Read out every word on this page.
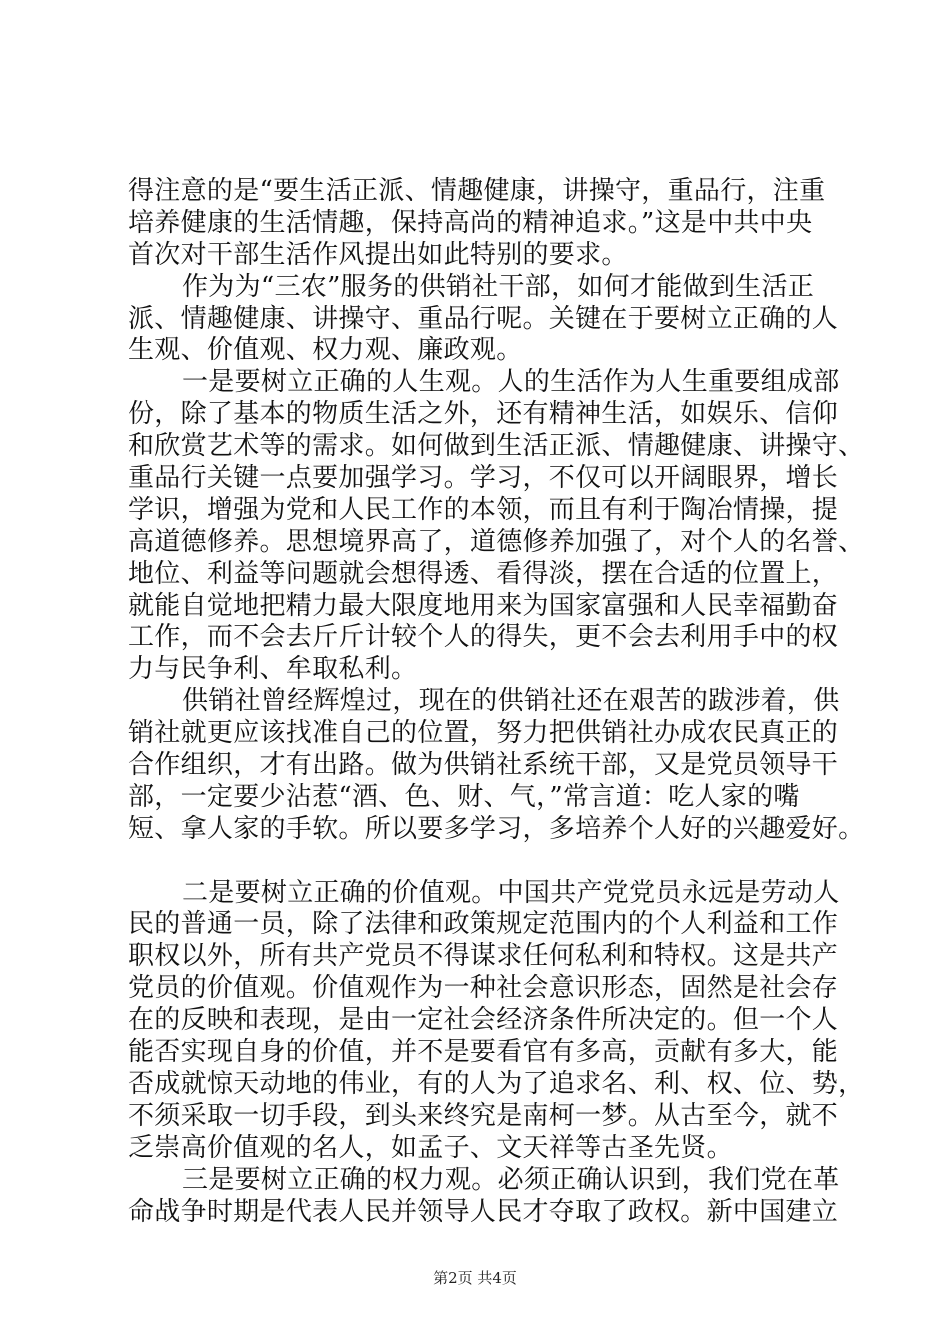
得注意的是“要生活正派、情趣健康，讲操守，重品行，注重
培养健康的生活情趣，保持高尚的精神追求。”这是中共中央
首次对干部生活作风提出如此特别的要求。
作为为“三农”服务的供销社干部，如何才能做到生活正
派、情趣健康、讲操守、重品行呢。关键在于要树立正确的人
生观、价值观、权力观、廉政观。
一是要树立正确的人生观。人的生活作为人生重要组成部
份，除了基本的物质生活之外，还有精神生活，如娱乐、信仰
和欣赏艺术等的需求。如何做到生活正派、情趣健康、讲操守、
重品行关键一点要加强学习。学习，不仅可以开阔眼界，增长
学识，增强为党和人民工作的本领，而且有利于陶冶情操，提
高道德修养。思想境界高了，道德修养加强了，对个人的名誉、
地位、利益等问题就会想得透、看得淡，摆在合适的位置上，
就能自觉地把精力最大限度地用来为国家富强和人民幸福勤奋
工作，而不会去斤斤计较个人的得失，更不会去利用手中的权
力与民争利、牟取私利。
供销社曾经辉煌过，现在的供销社还在艰苦的跋涉着，供
销社就更应该找准自己的位置，努力把供销社办成农民真正的
合作组织，才有出路。做为供销社系统干部，又是党员领导干
部，一定要少沾惹“酒、色、财、气，”常言道：吃人家的嘴
短、拿人家的手软。所以要多学习，多培养个人好的兴趣爱好。
二是要树立正确的价值观。中国共产党党员永远是劳动人
民的普通一员，除了法律和政策规定范围内的个人利益和工作
职权以外，所有共产党员不得谋求任何私利和特权。这是共产
党员的价值观。价值观作为一种社会意识形态，固然是社会存
在的反映和表现，是由一定社会经济条件所决定的。但一个人
能否实现自身的价值，并不是要看官有多高，贡献有多大，能
否成就惊天动地的伟业，有的人为了追求名、利、权、位、势，
不须采取一切手段，到头来终究是南柯一梦。从古至今，就不
乏崇高价值观的名人，如孟子、文天祥等古圣先贤。
三是要树立正确的权力观。必须正确认识到，我们党在革
命战争时期是代表人民并领导人民才夺取了政权。新中国建立
第2页 共4页
